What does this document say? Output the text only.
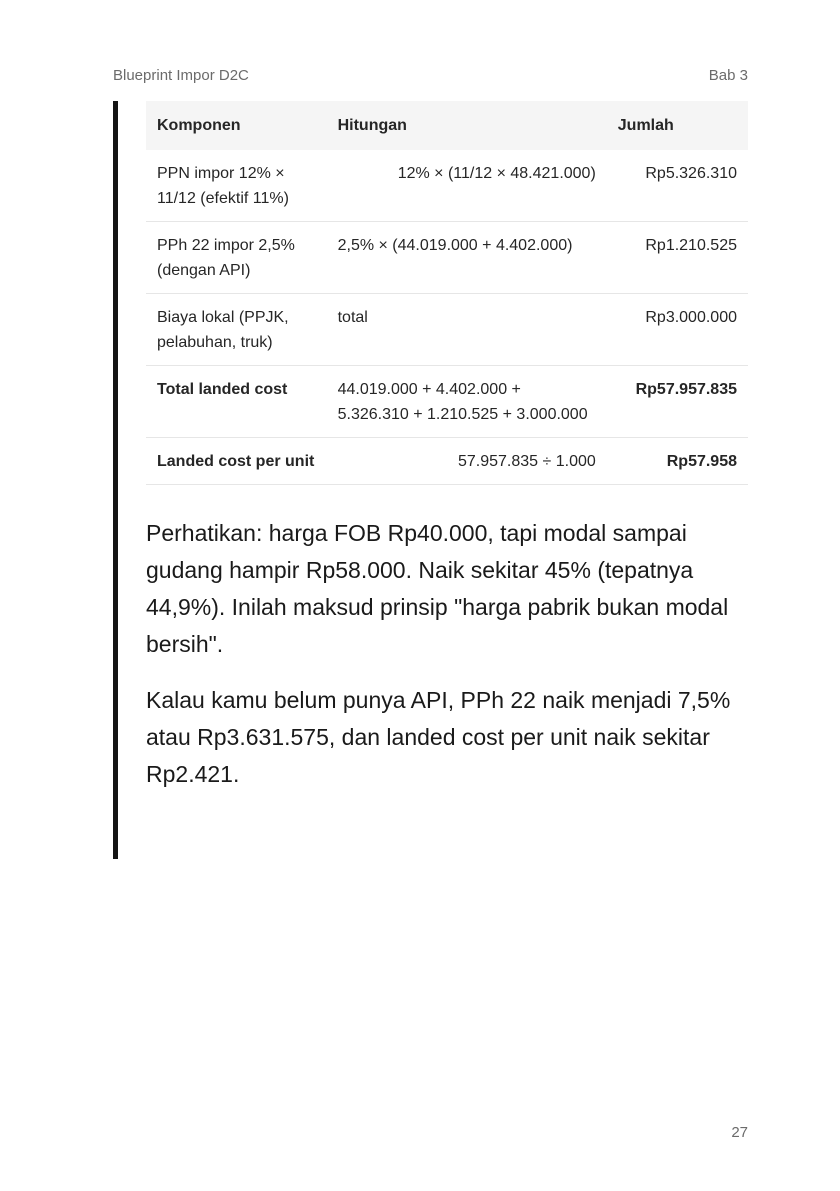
Blueprint Impor D2C	Bab 3
Komponen	Hitungan	Jumlah
PPN impor 12% × 11/12 (efektif 11%)	12% × (11/12 × 48.421.000)	Rp5.326.310
PPh 22 impor 2,5% (dengan API)	2,5% × (44.019.000 + 4.402.000)	Rp1.210.525
Biaya lokal (PPJK, pelabuhan, truk)	total	Rp3.000.000
Total landed cost	44.019.000 + 4.402.000 + 5.326.310 + 1.210.525 + 3.000.000	Rp57.957.835
Landed cost per unit	57.957.835 ÷ 1.000	Rp57.958

Perhatikan: harga FOB Rp40.000, tapi modal sampai gudang hampir Rp58.000. Naik sekitar 45% (tepatnya 44,9%). Inilah maksud prinsip "harga pabrik bukan modal bersih".

Kalau kamu belum punya API, PPh 22 naik menjadi 7,5% atau Rp3.631.575, dan landed cost per unit naik sekitar Rp2.421.

27
